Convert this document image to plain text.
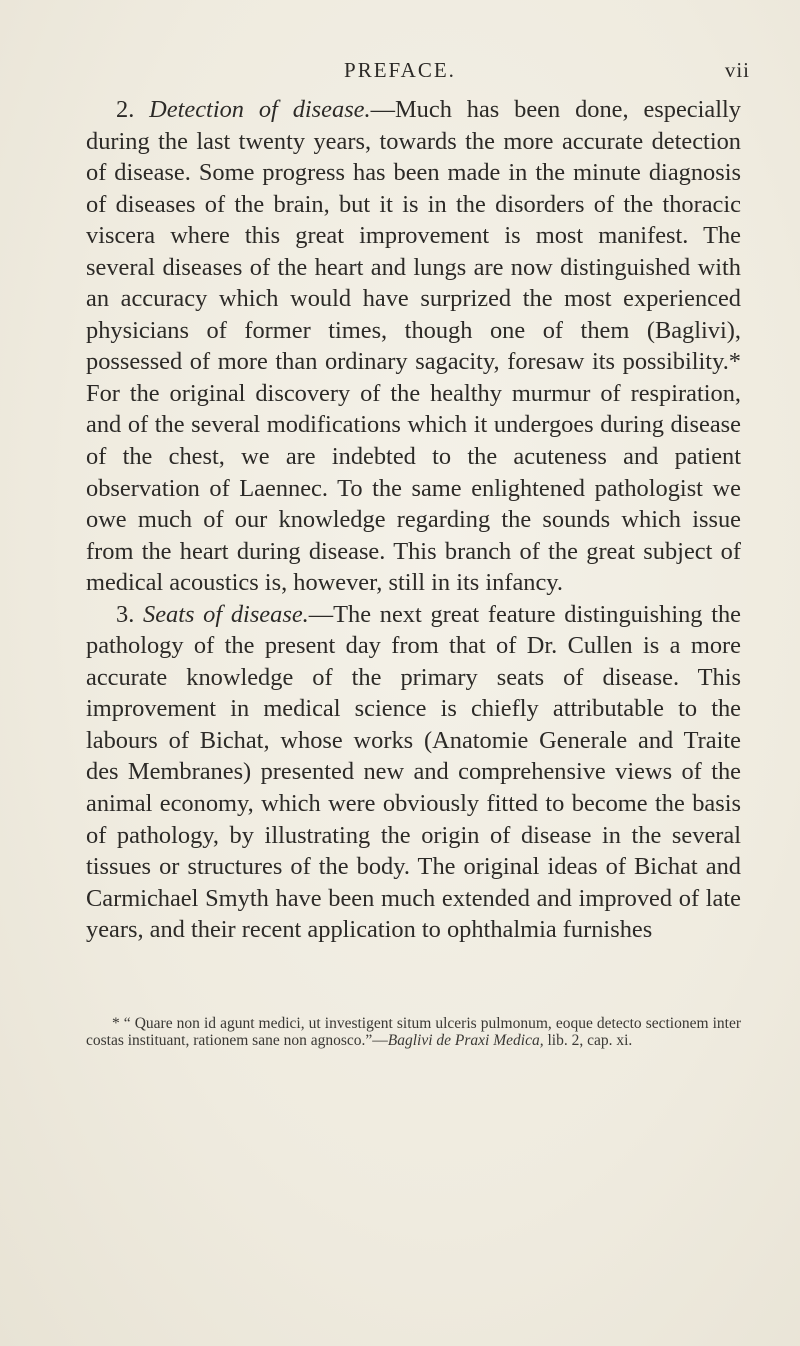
PREFACE.	vii

2. Detection of disease.—Much has been done, especially during the last twenty years, towards the more accurate detection of disease. Some progress has been made in the minute diagnosis of diseases of the brain, but it is in the disorders of the thoracic viscera where this great improvement is most manifest. The several diseases of the heart and lungs are now distinguished with an accuracy which would have surprized the most experienced physicians of former times, though one of them (Baglivi), possessed of more than ordinary sagacity, foresaw its possibility.* For the original discovery of the healthy murmur of respiration, and of the several modifications which it undergoes during disease of the chest, we are indebted to the acuteness and patient observation of Laennec. To the same enlightened pathologist we owe much of our knowledge regarding the sounds which issue from the heart during disease. This branch of the great subject of medical acoustics is, however, still in its infancy.

3. Seats of disease.—The next great feature distinguishing the pathology of the present day from that of Dr. Cullen is a more accurate knowledge of the primary seats of disease. This improvement in medical science is chiefly attributable to the labours of Bichat, whose works (Anatomie Generale and Traite des Membranes) presented new and comprehensive views of the animal economy, which were obviously fitted to become the basis of pathology, by illustrating the origin of disease in the several tissues or structures of the body. The original ideas of Bichat and Carmichael Smyth have been much extended and improved of late years, and their recent application to ophthalmia furnishes

* “ Quare non id agunt medici, ut investigent situm ulceris pulmonum, eoque detecto sectionem inter costas instituant, rationem sane non agnosco.”—Baglivi de Praxi Medica, lib. 2, cap. xi.
